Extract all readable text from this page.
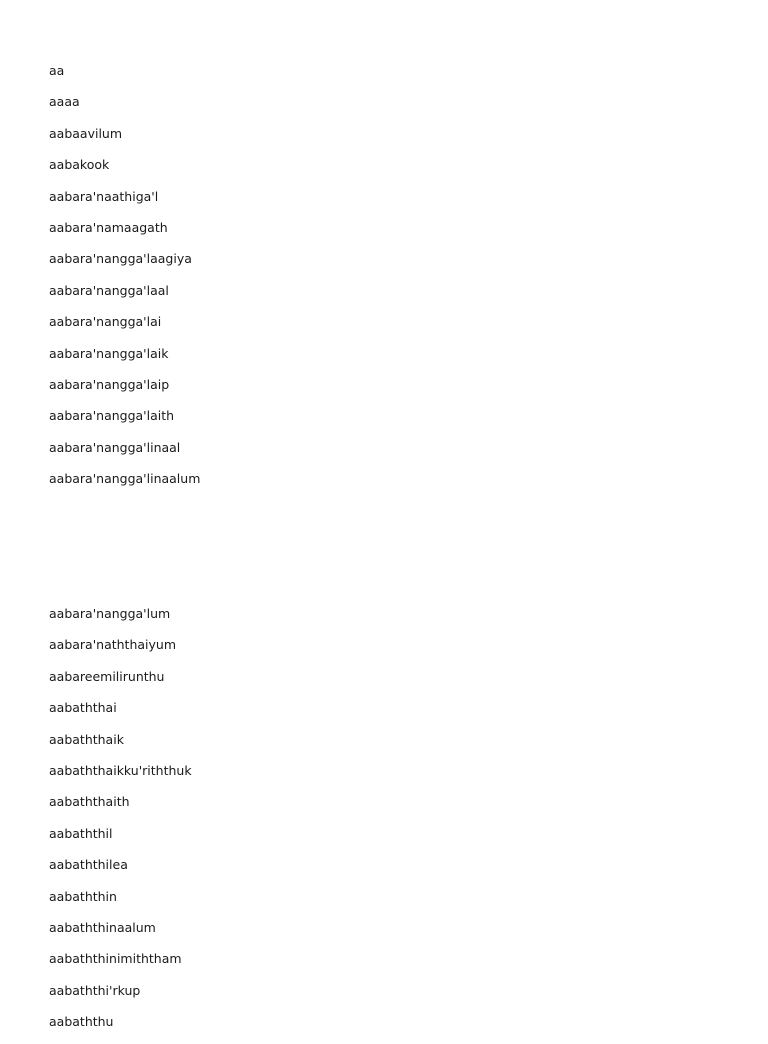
aa
aaaa
aabaavilum
aabakook
aabara'naathiga'l
aabara'namaagath
aabara'nangga'laagiya
aabara'nangga'laal
aabara'nangga'lai
aabara'nangga'laik
aabara'nangga'laip
aabara'nangga'laith
aabara'nangga'linaal
aabara'nangga'linaalum
aabara'nangga'lum
aabara'naththaiyum
aabareemilirunthu
aabaththai
aabaththaik
aabaththaikku'riththuk
aabaththaith
aabaththil
aabaththilea
aabaththin
aabaththinaalum
aabaththinimiththam
aabaththi'rkup
aabaththu
